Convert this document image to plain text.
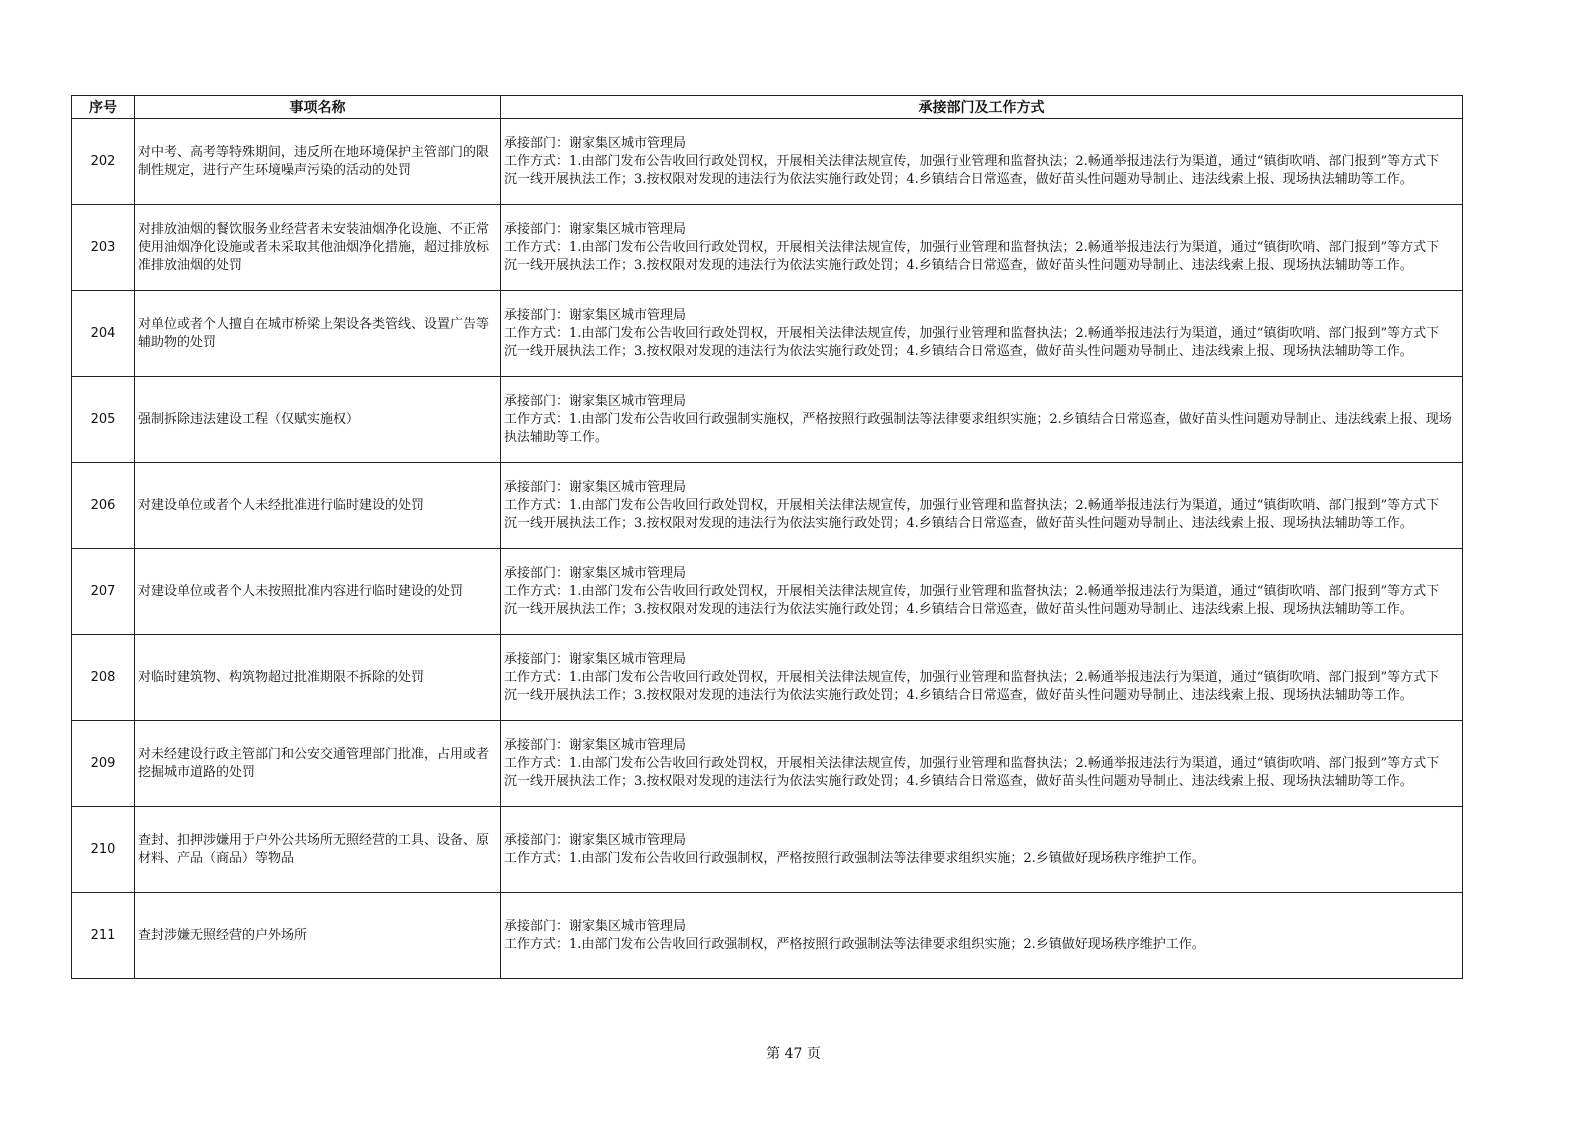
序号	事项名称	承接部门及工作方式
202	对中考、高考等特殊期间，违反所在地环境保护主管部门的限制性规定，进行产生环境噪声污染的活动的处罚	承接部门：谢家集区城市管理局
工作方式：1.由部门发布公告收回行政处罚权，开展相关法律法规宣传，加强行业管理和监督执法；2.畅通举报违法行为渠道，通过“镇街吹哨、部门报到”等方式下沉一线开展执法工作；3.按权限对发现的违法行为依法实施行政处罚；4.乡镇结合日常巡查，做好苗头性问题劝导制止、违法线索上报、现场执法辅助等工作。

203	对排放油烟的餐饮服务业经营者未安装油烟净化设施、不正常使用油烟净化设施或者未采取其他油烟净化措施，超过排放标准排放油烟的处罚	承接部门：谢家集区城市管理局
工作方式：1.由部门发布公告收回行政处罚权，开展相关法律法规宣传，加强行业管理和监督执法；2.畅通举报违法行为渠道，通过“镇街吹哨、部门报到”等方式下沉一线开展执法工作；3.按权限对发现的违法行为依法实施行政处罚；4.乡镇结合日常巡查，做好苗头性问题劝导制止、违法线索上报、现场执法辅助等工作。

204	对单位或者个人擅自在城市桥梁上架设各类管线、设置广告等辅助物的处罚	承接部门：谢家集区城市管理局
工作方式：1.由部门发布公告收回行政处罚权，开展相关法律法规宣传，加强行业管理和监督执法；2.畅通举报违法行为渠道，通过“镇街吹哨、部门报到”等方式下沉一线开展执法工作；3.按权限对发现的违法行为依法实施行政处罚；4.乡镇结合日常巡查，做好苗头性问题劝导制止、违法线索上报、现场执法辅助等工作。

205	强制拆除违法建设工程（仅赋实施权）	承接部门：谢家集区城市管理局
工作方式：1.由部门发布公告收回行政强制实施权，严格按照行政强制法等法律要求组织实施；2.乡镇结合日常巡查，做好苗头性问题劝导制止、违法线索上报、现场执法辅助等工作。

206	对建设单位或者个人未经批准进行临时建设的处罚	承接部门：谢家集区城市管理局
工作方式：1.由部门发布公告收回行政处罚权，开展相关法律法规宣传，加强行业管理和监督执法；2.畅通举报违法行为渠道，通过“镇街吹哨、部门报到”等方式下沉一线开展执法工作；3.按权限对发现的违法行为依法实施行政处罚；4.乡镇结合日常巡查，做好苗头性问题劝导制止、违法线索上报、现场执法辅助等工作。

207	对建设单位或者个人未按照批准内容进行临时建设的处罚	承接部门：谢家集区城市管理局
工作方式：1.由部门发布公告收回行政处罚权，开展相关法律法规宣传，加强行业管理和监督执法；2.畅通举报违法行为渠道，通过“镇街吹哨、部门报到”等方式下沉一线开展执法工作；3.按权限对发现的违法行为依法实施行政处罚；4.乡镇结合日常巡查，做好苗头性问题劝导制止、违法线索上报、现场执法辅助等工作。

208	对临时建筑物、构筑物超过批准期限不拆除的处罚	承接部门：谢家集区城市管理局
工作方式：1.由部门发布公告收回行政处罚权，开展相关法律法规宣传，加强行业管理和监督执法；2.畅通举报违法行为渠道，通过“镇街吹哨、部门报到”等方式下沉一线开展执法工作；3.按权限对发现的违法行为依法实施行政处罚；4.乡镇结合日常巡查，做好苗头性问题劝导制止、违法线索上报、现场执法辅助等工作。

209	对未经建设行政主管部门和公安交通管理部门批准，占用或者挖掘城市道路的处罚	承接部门：谢家集区城市管理局
工作方式：1.由部门发布公告收回行政处罚权，开展相关法律法规宣传，加强行业管理和监督执法；2.畅通举报违法行为渠道，通过“镇街吹哨、部门报到”等方式下沉一线开展执法工作；3.按权限对发现的违法行为依法实施行政处罚；4.乡镇结合日常巡查，做好苗头性问题劝导制止、违法线索上报、现场执法辅助等工作。

210	查封、扣押涉嫌用于户外公共场所无照经营的工具、设备、原材料、产品（商品）等物品	承接部门：谢家集区城市管理局
工作方式：1.由部门发布公告收回行政强制权，严格按照行政强制法等法律要求组织实施；2.乡镇做好现场秩序维护工作。

211	查封涉嫌无照经营的户外场所	承接部门：谢家集区城市管理局
工作方式：1.由部门发布公告收回行政强制权，严格按照行政强制法等法律要求组织实施；2.乡镇做好现场秩序维护工作。
第 47 页
